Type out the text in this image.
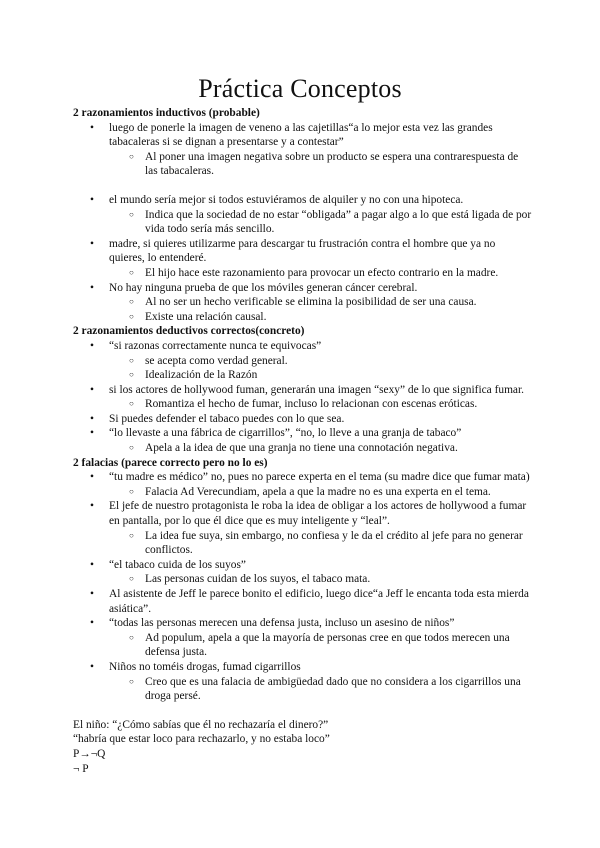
Práctica Conceptos
2 razonamientos inductivos (probable)
• luego de ponerle la imagen de veneno a las cajetillas“a lo mejor esta vez las grandes tabacaleras si se dignan a presentarse y a contestar”
○ Al poner una imagen negativa sobre un producto se espera una contrarespuesta de las tabacaleras.
• el mundo sería mejor si todos estuviéramos de alquiler y no con una hipoteca.
○ Indica que la sociedad de no estar “obligada” a pagar algo a lo que está ligada de por vida todo sería más sencillo.
• madre, si quieres utilizarme para descargar tu frustración contra el hombre que ya no quieres, lo entenderé.
○ El hijo hace este razonamiento para provocar un efecto contrario en la madre.
• No hay ninguna prueba de que los móviles generan cáncer cerebral.
○ Al no ser un hecho verificable se elimina la posibilidad de ser una causa.
○ Existe una relación causal.
2 razonamientos deductivos correctos(concreto)
• “si razonas correctamente nunca te equivocas”
○ se acepta como verdad general.
○ Idealización de la Razón
• si los actores de hollywood fuman, generarán una imagen “sexy” de lo que significa fumar.
○ Romantiza el hecho de fumar, incluso lo relacionan con escenas eróticas.
• Si puedes defender el tabaco puedes con lo que sea.
• “lo llevaste a una fábrica de cigarrillos”, “no, lo lleve a una granja de tabaco”
○ Apela a la idea de que una granja no tiene una connotación negativa.
2 falacias (parece correcto pero no lo es)
• “tu madre es médico” no, pues no parece experta en el tema (su madre dice que fumar mata)
○ Falacia Ad Verecundiam, apela a que la madre no es una experta en el tema.
• El jefe de nuestro protagonista le roba la idea de obligar a los actores de hollywood a fumar en pantalla, por lo que él dice que es muy inteligente y “leal”.
○ La idea fue suya, sin embargo, no confiesa y le da el crédito al jefe para no generar conflictos.
• “el tabaco cuida de los suyos”
○ Las personas cuidan de los suyos, el tabaco mata.
• Al asistente de Jeff le parece bonito el edificio, luego dice“a Jeff le encanta toda esta mierda asiática”.
• “todas las personas merecen una defensa justa, incluso un asesino de niños”
○ Ad populum, apela a que la mayoría de personas cree en que todos merecen una defensa justa.
• Niños no toméis drogas, fumad cigarrillos
○ Creo que es una falacia de ambigüedad dado que no considera a los cigarrillos una droga persé.
El niño: “¿Cómo sabías que él no rechazaría el dinero?”
“habría que estar loco para rechazarlo, y no estaba loco”
P→¬Q
¬ P
